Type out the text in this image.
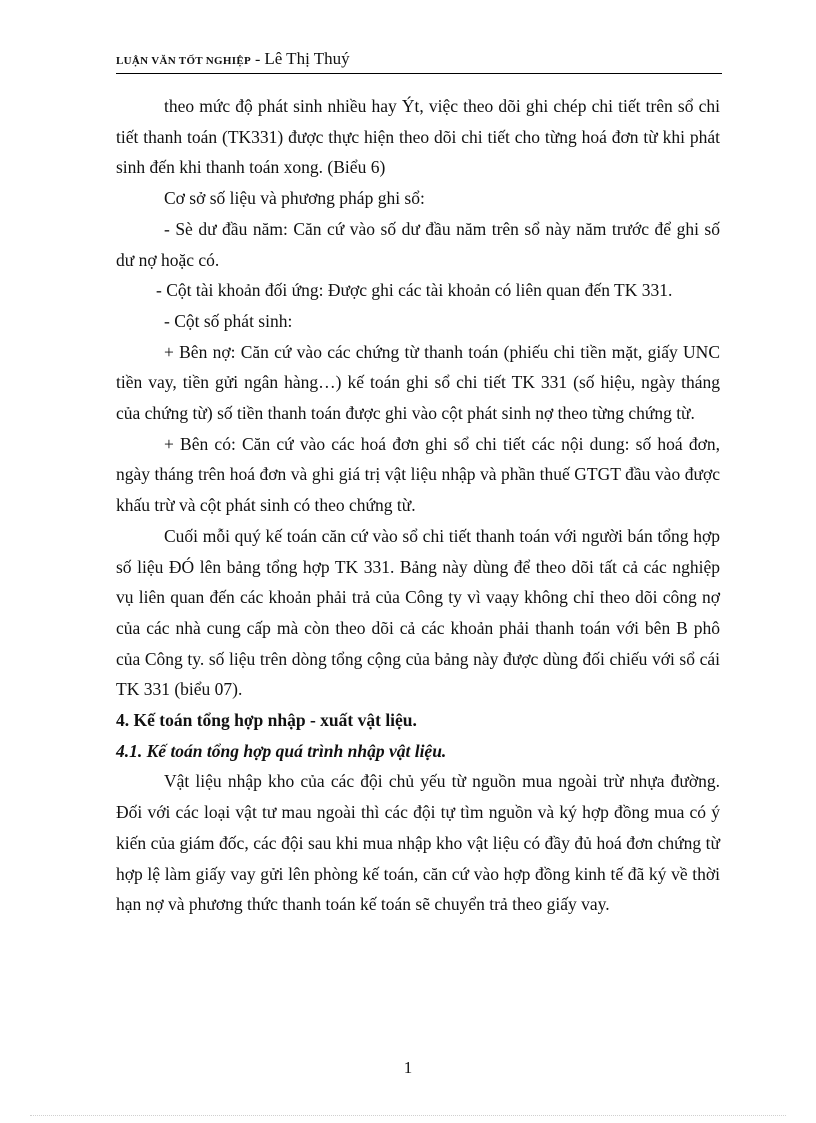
LUẬN VĂN TỐT NGHIỆP - Lê Thị Thuý

theo mức độ phát sinh nhiều hay Ýt, việc theo dõi ghi chép chi tiết trên sổ chi tiết thanh toán (TK331) được thực hiện theo dõi chi tiết cho từng hoá đơn từ khi phát sinh đến khi thanh toán xong. (Biểu 6)

Cơ sở số liệu và phương pháp ghi sổ:

- Sè dư đầu năm: Căn cứ vào số dư đầu năm trên sổ này năm trước để ghi số dư nợ hoặc có.

- Cột tài khoản đối ứng: Được ghi các tài khoản có liên quan đến TK 331.

- Cột số phát sinh:

+ Bên nợ: Căn cứ vào các chứng từ thanh toán (phiếu chi tiền mặt, giấy UNC tiền vay, tiền gửi ngân hàng…) kế toán ghi sổ chi tiết TK 331 (số hiệu, ngày tháng của chứng từ) số tiền thanh toán được ghi vào cột phát sinh nợ theo từng chứng từ.

+ Bên có: Căn cứ vào các hoá đơn ghi sổ chi tiết các nội dung: số hoá đơn, ngày tháng trên hoá đơn và ghi giá trị vật liệu nhập và phần thuế GTGT đầu vào được khấu trừ và cột phát sinh có theo chứng từ.

Cuối mỗi quý kế toán căn cứ vào sổ chi tiết thanh toán với người bán tổng hợp số liệu ĐÓ lên bảng tổng hợp TK 331. Bảng này dùng để theo dõi tất cả các nghiệp vụ liên quan đến các khoản phải trả của Công ty vì vaạy không chỉ theo dõi công nợ của các nhà cung cấp mà còn theo dõi cả các khoản phải thanh toán với bên B phô của Công ty. số liệu trên dòng tổng cộng của bảng này được dùng đối chiếu với sổ cái TK 331 (biểu 07).

4. Kế toán tổng hợp nhập - xuất vật liệu.

4.1. Kế toán tổng hợp quá trình nhập vật liệu.

Vật liệu nhập kho của các đội chủ yếu từ nguồn mua ngoài trừ nhựa đường. Đối với các loại vật tư mau ngoài thì các đội tự tìm nguồn và ký hợp đồng mua có ý kiến của giám đốc, các đội sau khi mua nhập kho vật liệu có đầy đủ hoá đơn chứng từ hợp lệ làm giấy vay gửi lên phòng kế toán, căn cứ vào hợp đồng kinh tế đã ký về thời hạn nợ và phương thức thanh toán kế toán sẽ chuyển trả theo giấy vay.

1
